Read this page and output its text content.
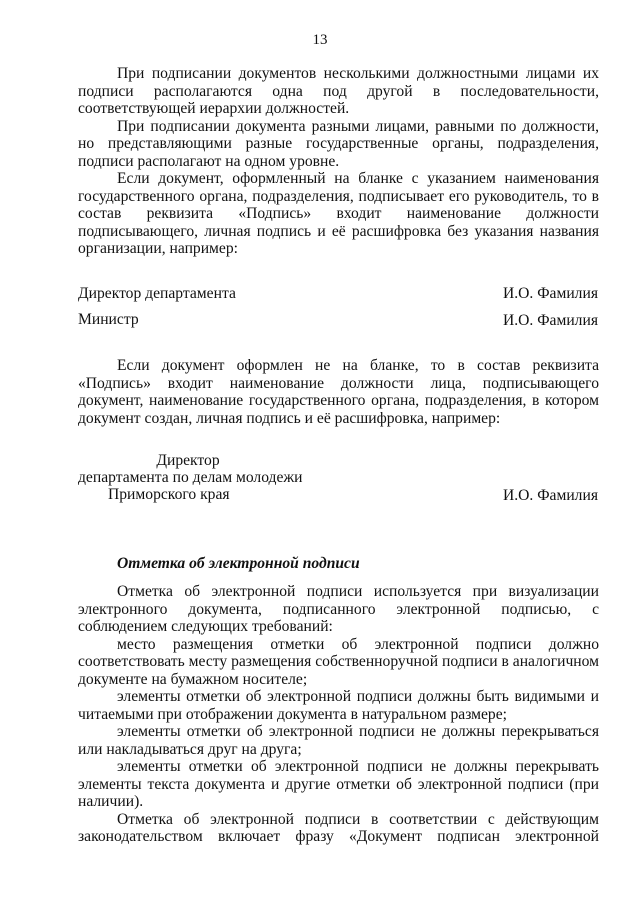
13

При подписании документов несколькими должностными лицами их подписи располагаются одна под другой в последовательности, соответствующей иерархии должностей.

При подписании документа разными лицами, равными по должности, но представляющими разные государственные органы, подразделения, подписи располагают на одном уровне.

Если документ, оформленный на бланке с указанием наименования государственного органа, подразделения, подписывает его руководитель, то в состав реквизита «Подпись» входит наименование должности подписывающего, личная подпись и её расшифровка без указания названия организации, например:

Директор департамента	И.О. Фамилия
Министр	И.О. Фамилия

Если документ оформлен не на бланке, то в состав реквизита «Подпись» входит наименование должности лица, подписывающего документ, наименование государственного органа, подразделения, в котором документ создан, личная подпись и её расшифровка, например:

Директор
департамента по делам молодежи
Приморского края	И.О. Фамилия
Отметка об электронной подписи

Отметка об электронной подписи используется при визуализации электронного документа, подписанного электронной подписью, с соблюдением следующих требований:

место размещения отметки об электронной подписи должно соответствовать месту размещения собственноручной подписи в аналогичном документе на бумажном носителе;

элементы отметки об электронной подписи должны быть видимыми и читаемыми при отображении документа в натуральном размере;

элементы отметки об электронной подписи не должны перекрываться или накладываться друг на друга;

элементы отметки об электронной подписи не должны перекрывать элементы текста документа и другие отметки об электронной подписи (при наличии).

Отметка об электронной подписи в соответствии с действующим законодательством включает фразу «Документ подписан электронной
